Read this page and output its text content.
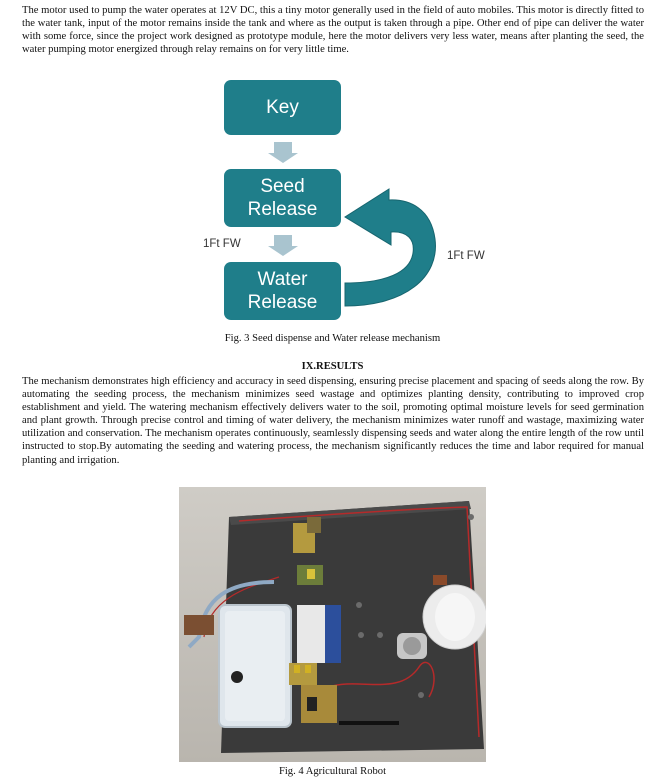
The motor used to pump the water operates at 12V DC, this a tiny motor generally used in the field of auto mobiles. This motor is directly fitted to the water tank, input of the motor remains inside the tank and where as the output is taken through a pipe. Other end of pipe can deliver the water with some force, since the project work designed as prototype module, here the motor delivers very less water, means after planting the seed, the water pumping motor energized through relay remains on for very little time.

Key
Seed
Release
Water
Release
1Ft FW
1Ft FW

Fig. 3 Seed dispense and Water release mechanism

IX.RESULTS

The mechanism demonstrates high efficiency and accuracy in seed dispensing, ensuring precise placement and spacing of seeds along the row. By automating the seeding process, the mechanism minimizes seed wastage and optimizes planting density, contributing to improved crop establishment and yield. The watering mechanism effectively delivers water to the soil, promoting optimal moisture levels for seed germination and plant growth. Through precise control and timing of water delivery, the mechanism minimizes water runoff and wastage, maximizing water utilization and conservation. The mechanism operates continuously, seamlessly dispensing seeds and water along the entire length of the row until instructed to stop.By automating the seeding and watering process, the mechanism significantly reduces the time and labor required for manual planting and irrigation.

Fig. 4 Agricultural Robot
